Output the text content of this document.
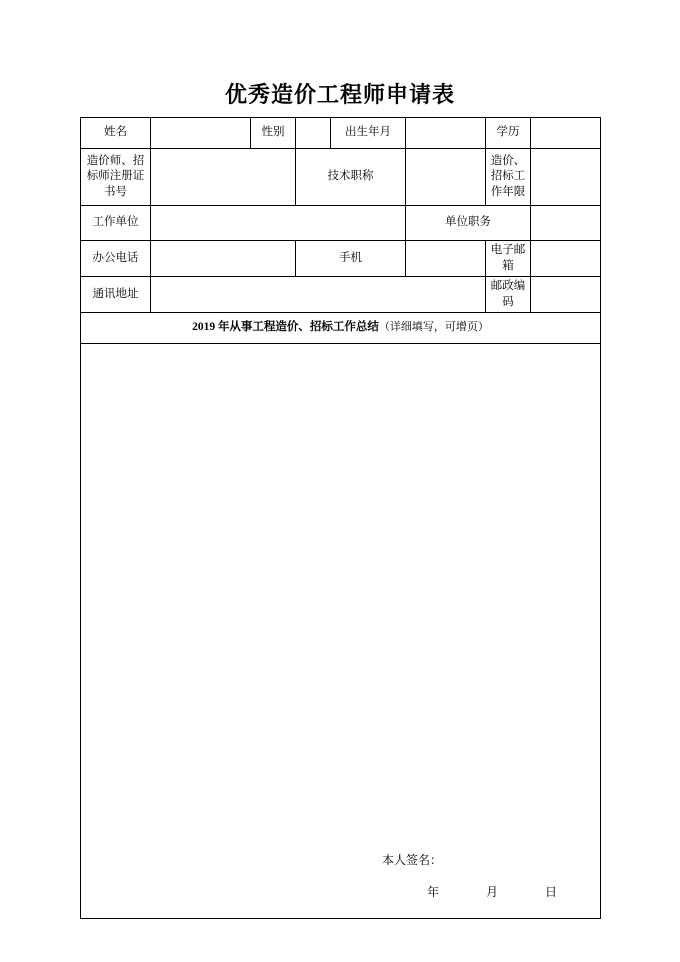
优秀造价工程师申请表
姓名		性别		出生年月		学历	
造价师、招标师注册证书号			技术职称			造价、招标工作年限	
工作单位					单位职务		
办公电话			手机			电子邮箱	
通讯地址						邮政编码	
2019 年从事工程造价、招标工作总结（详细填写，可增页）							

本人签名：
年 月 日							
